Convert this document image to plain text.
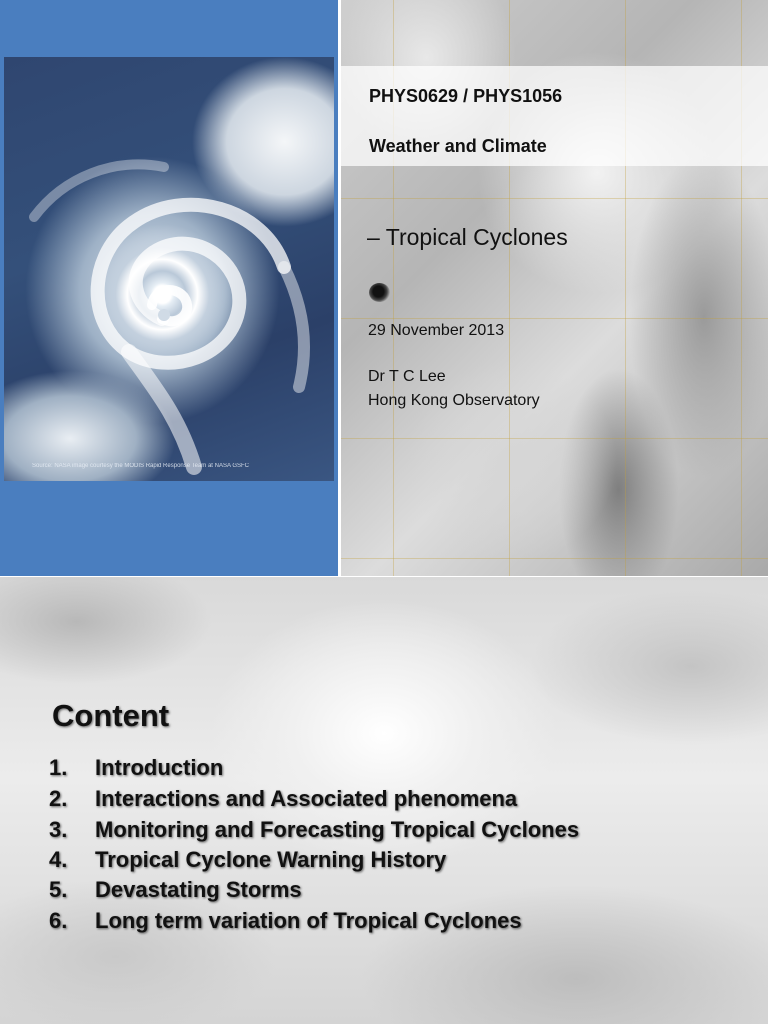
Source: NASA image courtesy the MODIS Rapid Response Team at NASA GSFC
PHYS0629 / PHYS1056
Weather and Climate
– Tropical Cyclones
29 November 2013
Dr T C Lee
Hong Kong Observatory
Content
1. Introduction
2. Interactions and Associated phenomena
3. Monitoring and Forecasting Tropical Cyclones
4. Tropical Cyclone Warning History
5. Devastating Storms
6. Long term variation of Tropical Cyclones
